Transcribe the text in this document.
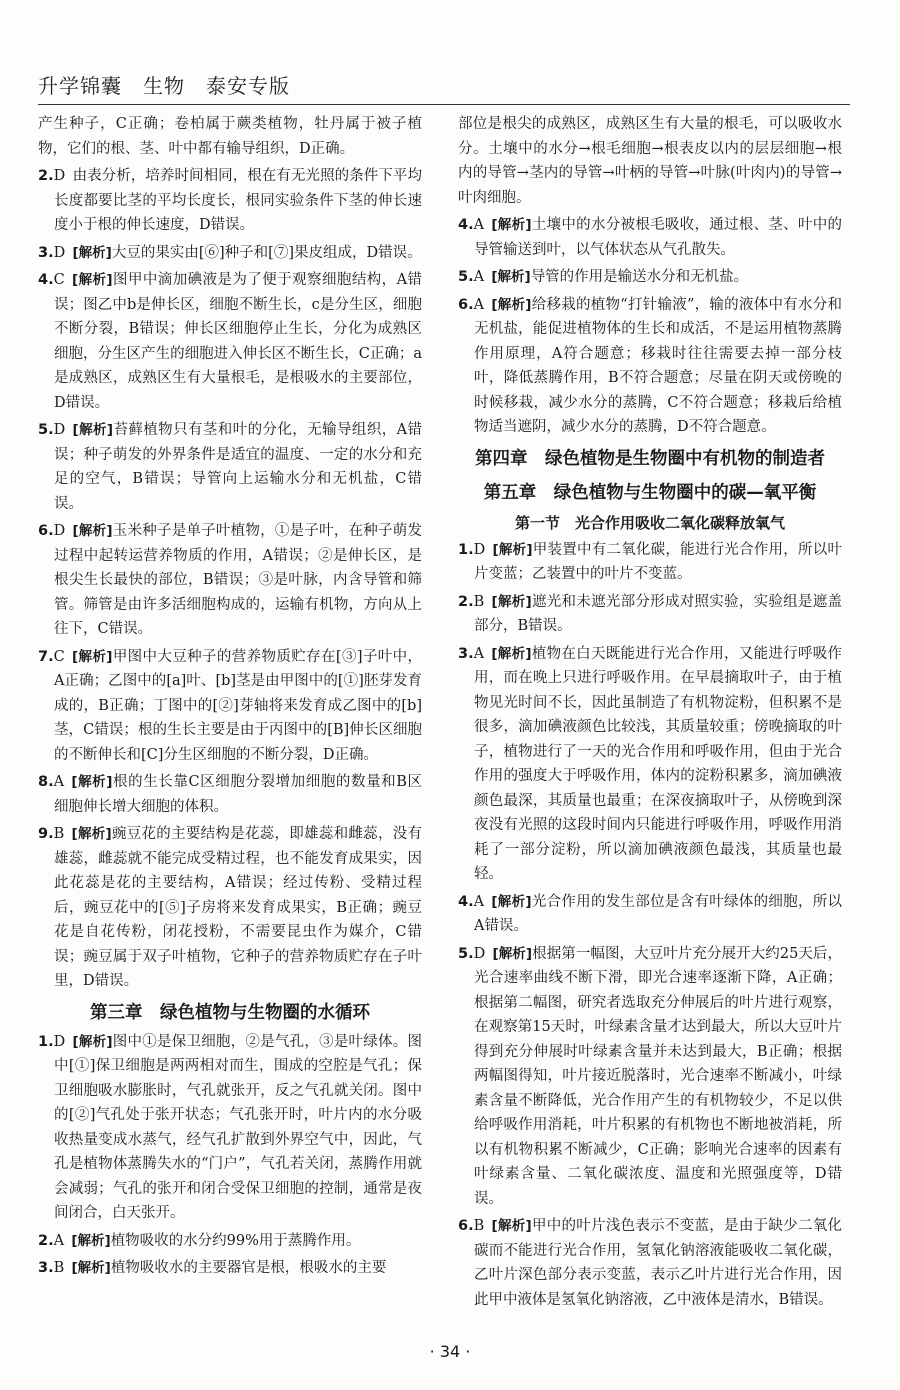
升学锦囊　生物　泰安专版

产生种子，C正确；卷柏属于蕨类植物，牡丹属于被子植物，它们的根、茎、叶中都有输导组织，D正确。

2.D  由表分析，培养时间相同，根在有无光照的条件下平均长度都要比茎的平均长度长，根同实验条件下茎的伸长速度小于根的伸长速度，D错误。

3.D  [解析]大豆的果实由[⑥]种子和[⑦]果皮组成，D错误。

4.C  [解析]图甲中滴加碘液是为了便于观察细胞结构，A错误；图乙中b是伸长区，细胞不断生长，c是分生区，细胞不断分裂，B错误；伸长区细胞停止生长，分化为成熟区细胞，分生区产生的细胞进入伸长区不断生长，C正确；a是成熟区，成熟区生有大量根毛，是根吸水的主要部位，D错误。

5.D  [解析]苔藓植物只有茎和叶的分化，无输导组织，A错误；种子萌发的外界条件是适宜的温度、一定的水分和充足的空气，B错误；导管向上运输水分和无机盐，C错误。

6.D  [解析]玉米种子是单子叶植物，①是子叶，在种子萌发过程中起转运营养物质的作用，A错误；②是伸长区，是根尖生长最快的部位，B错误；③是叶脉，内含导管和筛管。筛管是由许多活细胞构成的，运输有机物，方向从上往下，C错误。

7.C  [解析]甲图中大豆种子的营养物质贮存在[③]子叶中，A正确；乙图中的[a]叶、[b]茎是由甲图中的[①]胚芽发育成的，B正确；丁图中的[②]芽轴将来发育成乙图中的[b]茎，C错误；根的生长主要是由于丙图中的[B]伸长区细胞的不断伸长和[C]分生区细胞的不断分裂，D正确。

8.A  [解析]根的生长靠C区细胞分裂增加细胞的数量和B区细胞伸长增大细胞的体积。

9.B  [解析]豌豆花的主要结构是花蕊，即雄蕊和雌蕊，没有雄蕊，雌蕊就不能完成受精过程，也不能发育成果实，因此花蕊是花的主要结构，A错误；经过传粉、受精过程后，豌豆花中的[⑤]子房将来发育成果实，B正确；豌豆花是自花传粉，闭花授粉，不需要昆虫作为媒介，C错误；豌豆属于双子叶植物，它种子的营养物质贮存在子叶里，D错误。

第三章　绿色植物与生物圈的水循环

1.D  [解析]图中①是保卫细胞，②是气孔，③是叶绿体。图中[①]保卫细胞是两两相对而生，围成的空腔是气孔；保卫细胞吸水膨胀时，气孔就张开，反之气孔就关闭。图中的[②]气孔处于张开状态；气孔张开时，叶片内的水分吸收热量变成水蒸气，经气孔扩散到外界空气中，因此，气孔是植物体蒸腾失水的“门户”，气孔若关闭，蒸腾作用就会减弱；气孔的张开和闭合受保卫细胞的控制，通常是夜间闭合，白天张开。

2.A  [解析]植物吸收的水分约99%用于蒸腾作用。

3.B  [解析]植物吸收水的主要器官是根，根吸水的主要

部位是根尖的成熟区，成熟区生有大量的根毛，可以吸收水分。土壤中的水分→根毛细胞→根表皮以内的层层细胞→根内的导管→茎内的导管→叶柄的导管→叶脉(叶肉内)的导管→叶肉细胞。

4.A  [解析]土壤中的水分被根毛吸收，通过根、茎、叶中的导管输送到叶，以气体状态从气孔散失。

5.A  [解析]导管的作用是输送水分和无机盐。

6.A  [解析]给移栽的植物“打针输液”，输的液体中有水分和无机盐，能促进植物体的生长和成活，不是运用植物蒸腾作用原理，A符合题意；移栽时往往需要去掉一部分枝叶，降低蒸腾作用，B不符合题意；尽量在阴天或傍晚的时候移栽，减少水分的蒸腾，C不符合题意；移栽后给植物适当遮阴，减少水分的蒸腾，D不符合题意。

第四章　绿色植物是生物圈中有机物的制造者
第五章　绿色植物与生物圈中的碳—氧平衡
第一节　光合作用吸收二氧化碳释放氧气

1.D  [解析]甲装置中有二氧化碳，能进行光合作用，所以叶片变蓝；乙装置中的叶片不变蓝。

2.B  [解析]遮光和未遮光部分形成对照实验，实验组是遮盖部分，B错误。

3.A  [解析]植物在白天既能进行光合作用，又能进行呼吸作用，而在晚上只进行呼吸作用。在早晨摘取叶子，由于植物见光时间不长，因此虽制造了有机物淀粉，但积累不是很多，滴加碘液颜色比较浅，其质量较重；傍晚摘取的叶子，植物进行了一天的光合作用和呼吸作用，但由于光合作用的强度大于呼吸作用，体内的淀粉积累多，滴加碘液颜色最深，其质量也最重；在深夜摘取叶子，从傍晚到深夜没有光照的这段时间内只能进行呼吸作用，呼吸作用消耗了一部分淀粉，所以滴加碘液颜色最浅，其质量也最轻。

4.A  [解析]光合作用的发生部位是含有叶绿体的细胞，所以A错误。

5.D  [解析]根据第一幅图，大豆叶片充分展开大约25天后，光合速率曲线不断下滑，即光合速率逐渐下降，A正确；根据第二幅图，研究者选取充分伸展后的叶片进行观察，在观察第15天时，叶绿素含量才达到最大，所以大豆叶片得到充分伸展时叶绿素含量并未达到最大，B正确；根据两幅图得知，叶片接近脱落时，光合速率不断减小，叶绿素含量不断降低，光合作用产生的有机物较少，不足以供给呼吸作用消耗，叶片积累的有机物也不断地被消耗，所以有机物积累不断减少，C正确；影响光合速率的因素有叶绿素含量、二氧化碳浓度、温度和光照强度等，D错误。

6.B  [解析]甲中的叶片浅色表示不变蓝，是由于缺少二氧化碳而不能进行光合作用，氢氧化钠溶液能吸收二氧化碳，乙叶片深色部分表示变蓝，表示乙叶片进行光合作用，因此甲中液体是氢氧化钠溶液，乙中液体是清水，B错误。

· 34 ·
